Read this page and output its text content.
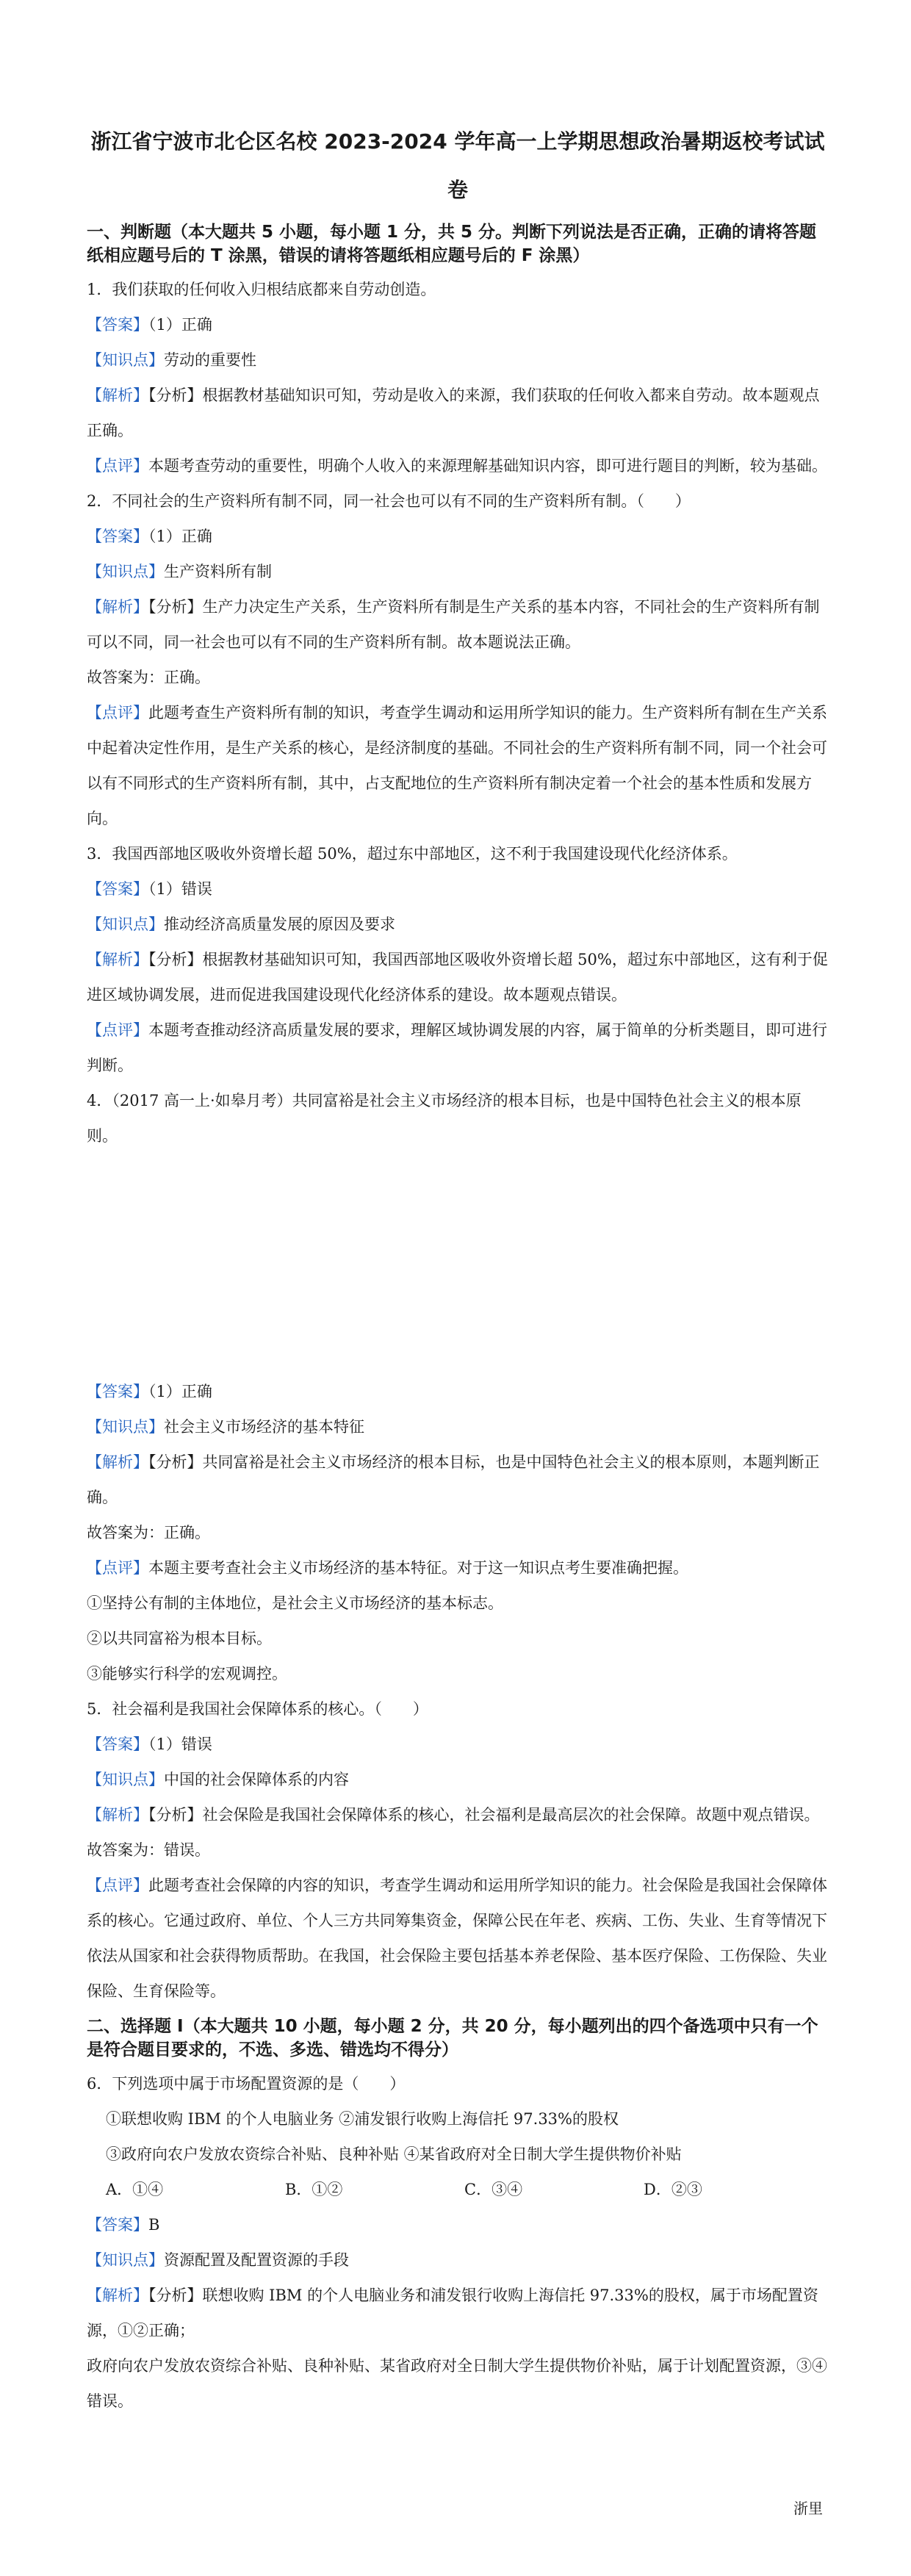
浙江省宁波市北仑区名校 2023-2024 学年高一上学期思想政治暑期返校考试试
卷

一、判断题（本大题共 5 小题，每小题 1 分，共 5 分。判断下列说法是否正确，正确的请将答题纸相应题号后的 T 涂黑，错误的请将答题纸相应题号后的 F 涂黑）

1．我们获取的任何收入归根结底都来自劳动创造。

【答案】（1）正确

【知识点】劳动的重要性

【解析】【分析】根据教材基础知识可知，劳动是收入的来源，我们获取的任何收入都来自劳动。故本题观点正确。

【点评】本题考查劳动的重要性，明确个人收入的来源理解基础知识内容，即可进行题目的判断，较为基础。

2．不同社会的生产资料所有制不同，同一社会也可以有不同的生产资料所有制。（　　）

【答案】（1）正确

【知识点】生产资料所有制

【解析】【分析】生产力决定生产关系，生产资料所有制是生产关系的基本内容，不同社会的生产资料所有制可以不同，同一社会也可以有不同的生产资料所有制。故本题说法正确。

故答案为：正确。

【点评】此题考查生产资料所有制的知识，考查学生调动和运用所学知识的能力。生产资料所有制在生产关系中起着决定性作用，是生产关系的核心，是经济制度的基础。不同社会的生产资料所有制不同，同一个社会可以有不同形式的生产资料所有制，其中，占支配地位的生产资料所有制决定着一个社会的基本性质和发展方向。

3．我国西部地区吸收外资增长超 50%，超过东中部地区，这不利于我国建设现代化经济体系。

【答案】（1）错误

【知识点】推动经济高质量发展的原因及要求

【解析】【分析】根据教材基础知识可知，我国西部地区吸收外资增长超 50%，超过东中部地区，这有利于促进区域协调发展，进而促进我国建设现代化经济体系的建设。故本题观点错误。

【点评】本题考查推动经济高质量发展的要求，理解区域协调发展的内容，属于简单的分析类题目，即可进行判断。

4．（2017 高一上·如皋月考）共同富裕是社会主义市场经济的根本目标，也是中国特色社会主义的根本原则。

【答案】（1）正确

【知识点】社会主义市场经济的基本特征

【解析】【分析】共同富裕是社会主义市场经济的根本目标，也是中国特色社会主义的根本原则，本题判断正确。

故答案为：正确。

【点评】本题主要考查社会主义市场经济的基本特征。对于这一知识点考生要准确把握。

①坚持公有制的主体地位，是社会主义市场经济的基本标志。

②以共同富裕为根本目标。

③能够实行科学的宏观调控。

5．社会福利是我国社会保障体系的核心。（　　）

【答案】（1）错误

【知识点】中国的社会保障体系的内容

【解析】【分析】社会保险是我国社会保障体系的核心，社会福利是最高层次的社会保障。故题中观点错误。

故答案为：错误。

【点评】此题考查社会保障的内容的知识，考查学生调动和运用所学知识的能力。社会保险是我国社会保障体系的核心。它通过政府、单位、个人三方共同筹集资金，保障公民在年老、疾病、工伤、失业、生育等情况下依法从国家和社会获得物质帮助。在我国，社会保险主要包括基本养老保险、基本医疗保险、工伤保险、失业保险、生育保险等。

二、选择题 I（本大题共 10 小题，每小题 2 分，共 20 分，每小题列出的四个备选项中只有一个是符合题目要求的，不选、多选、错选均不得分）

6．下列选项中属于市场配置资源的是（　　）

①联想收购 IBM 的个人电脑业务 ②浦发银行收购上海信托 97.33%的股权

③政府向农户发放农资综合补贴、良种补贴 ④某省政府对全日制大学生提供物价补贴

A．①④	B．①②	C．③④	D．②③

【答案】B

【知识点】资源配置及配置资源的手段

【解析】【分析】联想收购 IBM 的个人电脑业务和浦发银行收购上海信托 97.33%的股权，属于市场配置资源，①②正确；

政府向农户发放农资综合补贴、良种补贴、某省政府对全日制大学生提供物价补贴，属于计划配置资源，③④错误。

浙里
